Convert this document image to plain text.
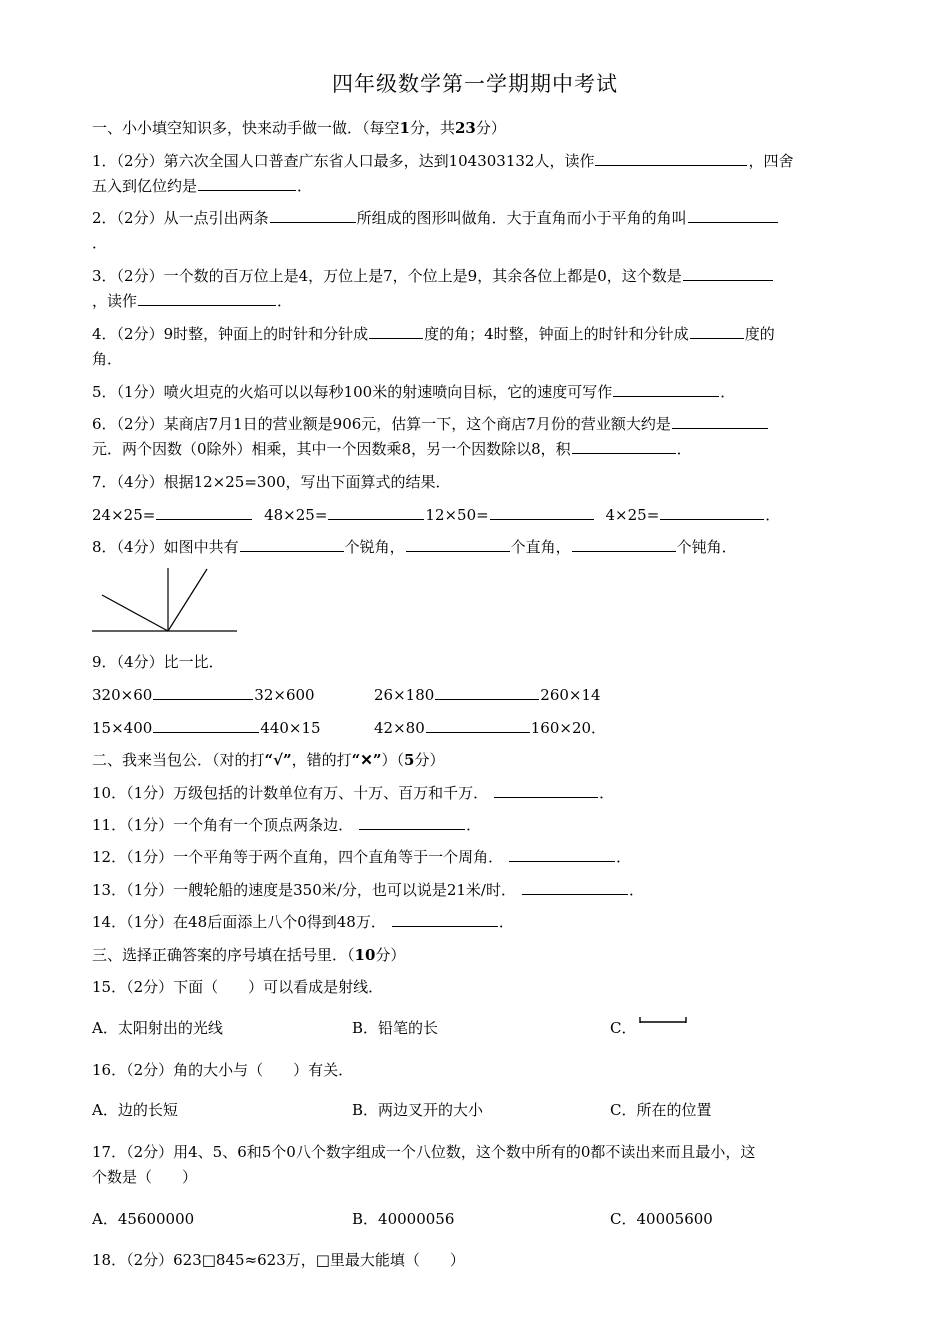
四年级数学第一学期期中考试
一、小小填空知识多，快来动手做一做．（每空1分，共23分）
1．（2分）第六次全国人口普查广东省人口最多，达到104303132人，读作	，四舍
五入到亿位约是	．
2．（2分）从一点引出两条	所组成的图形叫做角．大于直角而小于平角的角叫
．
3．（2分）一个数的百万位上是4，万位上是7，个位上是9，其余各位上都是0，这个数是
，读作	．
4．（2分）9时整，钟面上的时针和分针成	度的角；4时整，钟面上的时针和分针成	度的
角．
5．（1分）喷火坦克的火焰可以以每秒100米的射速喷向目标，它的速度可写作	．
6．（2分）某商店7月1日的营业额是906元，估算一下，这个商店7月份的营业额大约是
元．两个因数（0除外）相乘，其中一个因数乘8，另一个因数除以8，积	．
7．（4分）根据12×25=300，写出下面算式的结果．
24×25=	48×25=	12×50=	4×25=	．
8．（4分）如图中共有	个锐角，	个直角，	个钝角．
9．（4分）比一比．
320×60	32×600	26×180	260×14
15×400	440×15	42×80	160×20．
二、我来当包公．（对的打“√”，错的打“✕”）（5分）
10．（1分）万级包括的计数单位有万、十万、百万和千万．	．
11．（1分）一个角有一个顶点两条边．	．
12．（1分）一个平角等于两个直角，四个直角等于一个周角．	．
13．（1分）一艘轮船的速度是350米/分，也可以说是21米/时．	．
14．（1分）在48后面添上八个0得到48万．	．
三、选择正确答案的序号填在括号里．（10分）
15．（2分）下面（　　）可以看成是射线．
A．太阳射出的光线	B．铅笔的长	C．
16．（2分）角的大小与（　　）有关．
A．边的长短	B．两边叉开的大小	C．所在的位置
17．（2分）用4、5、6和5个0八个数字组成一个八位数，这个数中所有的0都不读出来而且最小，这
个数是（　　）
A．45600000	B．40000056	C．40005600
18．（2分）623□845≈623万，□里最大能填（　　）
